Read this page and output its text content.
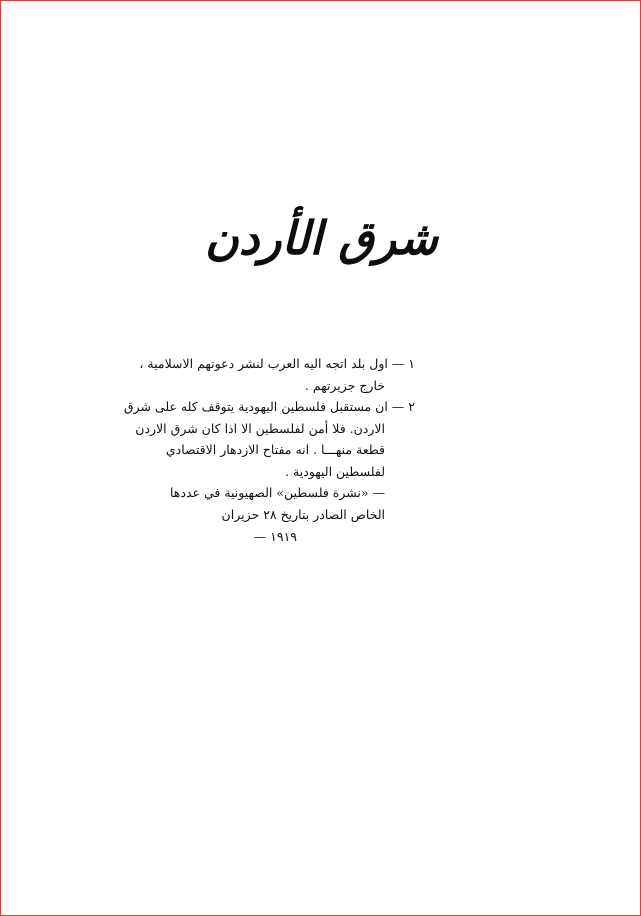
شرق الأردن
١ — اول بلد اتجه اليه العرب لنشر دعوتهم الاسلامية ،
خارج جزيرتهم .
٢ — ان مستقبل فلسطين اليهودية يتوقف كله على شرق
الاردن. فلا أمن لفلسطين الا اذا كان شرق الاردن
قطعة منهـــا . انه مفتاح الازدهار الاقتصادي
لفلسطين اليهودية .
— «نشرة فلسطين» الصهيونية في عددها
الخاص الصادر بتاريخ ٢٨ حزيران
١٩١٩ —
